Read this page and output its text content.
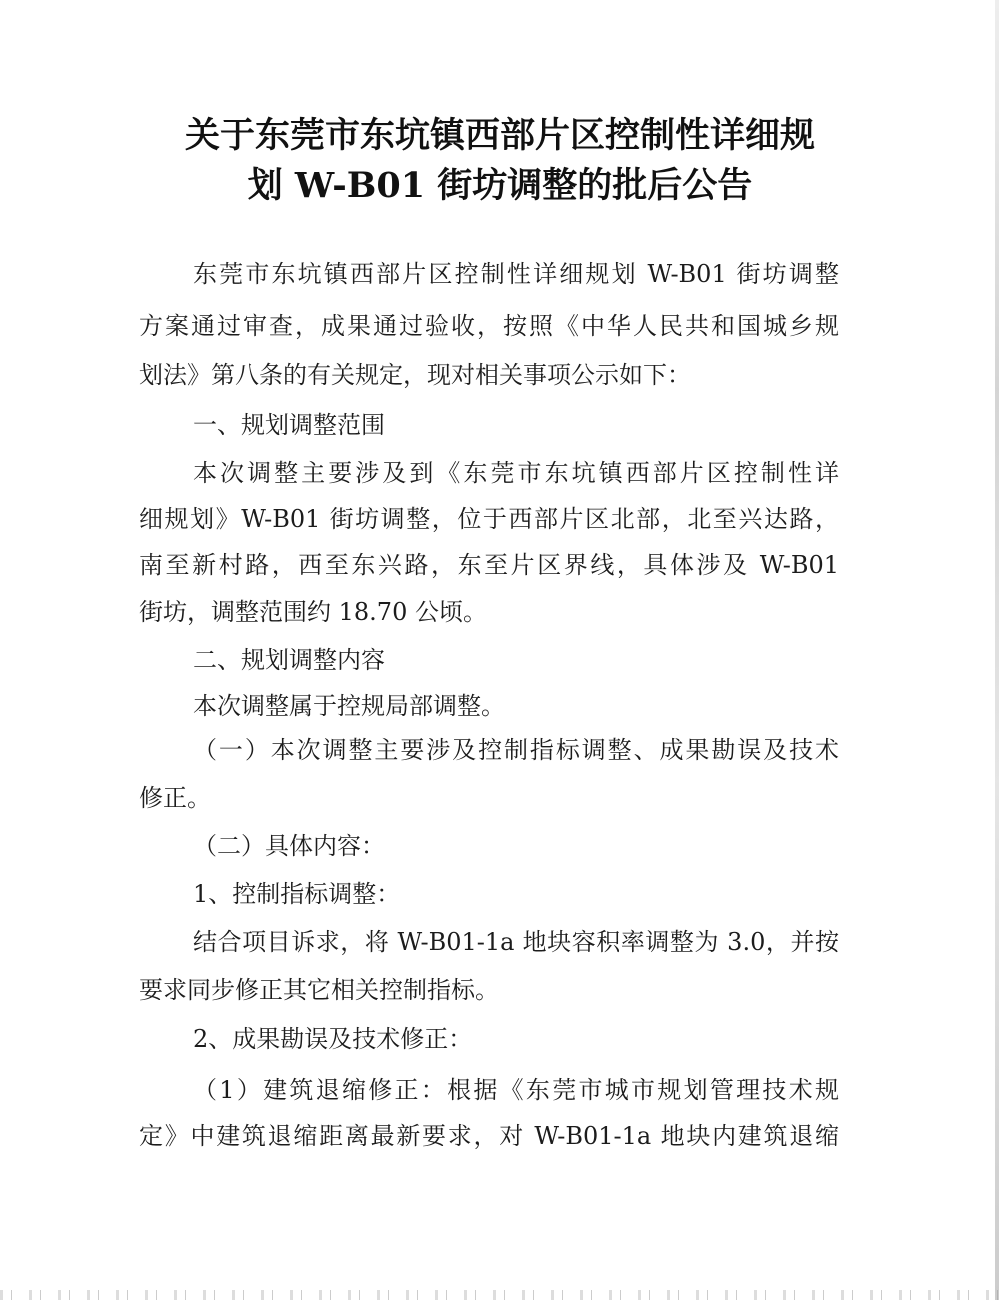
关于东莞市东坑镇西部片区控制性详细规
划 W-B01 街坊调整的批后公告
东莞市东坑镇西部片区控制性详细规划 W-B01 街坊调整
方案通过审查，成果通过验收，按照《中华人民共和国城乡规
划法》第八条的有关规定，现对相关事项公示如下：
一、规划调整范围
本次调整主要涉及到《东莞市东坑镇西部片区控制性详
细规划》W-B01 街坊调整，位于西部片区北部，北至兴达路，
南至新村路，西至东兴路，东至片区界线，具体涉及 W-B01
街坊，调整范围约 18.70 公顷。
二、规划调整内容
本次调整属于控规局部调整。
（一）本次调整主要涉及控制指标调整、成果勘误及技术
修正。
（二）具体内容：
1、控制指标调整：
结合项目诉求，将 W-B01-1a 地块容积率调整为 3.0，并按
要求同步修正其它相关控制指标。
2、成果勘误及技术修正：
（1）建筑退缩修正：根据《东莞市城市规划管理技术规
定》中建筑退缩距离最新要求，对 W-B01-1a 地块内建筑退缩
